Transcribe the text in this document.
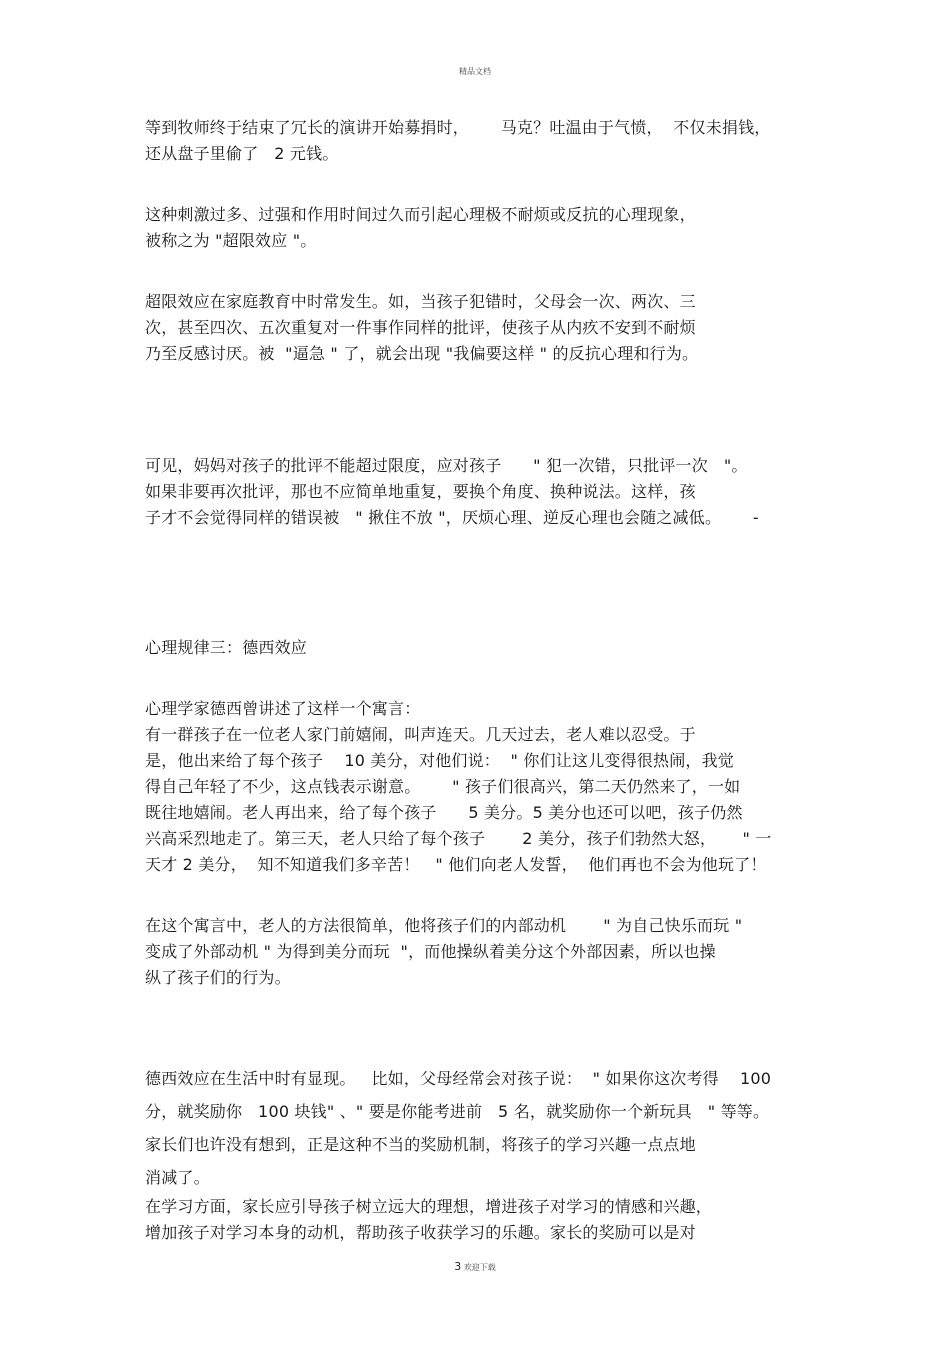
精品文档
等到牧师终于结束了冗长的演讲开始募捐时，      马克？吐温由于气愤，  不仅未捐钱，
还从盘子里偷了   2 元钱。
这种刺激过多、过强和作用时间过久而引起心理极不耐烦或反抗的心理现象，
被称之为 "超限效应 "。
超限效应在家庭教育中时常发生。如，当孩子犯错时，父母会一次、两次、三
次，甚至四次、五次重复对一件事作同样的批评，使孩子从内疚不安到不耐烦
乃至反感讨厌。被  "逼急 " 了，就会出现 "我偏要这样 " 的反抗心理和行为。
可见，妈妈对孩子的批评不能超过限度，应对孩子      " 犯一次错，只批评一次   "。
如果非要再次批评，那也不应简单地重复，要换个角度、换种说法。这样，孩
子才不会觉得同样的错误被   " 揪住不放 "，厌烦心理、逆反心理也会随之减低。      -
心理规律三：德西效应
心理学家德西曾讲述了这样一个寓言：
有一群孩子在一位老人家门前嬉闹，叫声连天。几天过去，老人难以忍受。于
是，他出来给了每个孩子    10 美分，对他们说：  " 你们让这儿变得很热闹，我觉
得自己年轻了不少，这点钱表示谢意。      " 孩子们很高兴，第二天仍然来了，一如
既往地嬉闹。老人再出来，给了每个孩子      5 美分。5 美分也还可以吧，孩子仍然
兴高采烈地走了。第三天，老人只给了每个孩子       2 美分，孩子们勃然大怒，     " 一
天才 2 美分，  知不知道我们多辛苦！   " 他们向老人发誓，  他们再也不会为他玩了！
在这个寓言中，老人的方法很简单，他将孩子们的内部动机       " 为自己快乐而玩 "
变成了外部动机 " 为得到美分而玩  "，而他操纵着美分这个外部因素，所以也操
纵了孩子们的行为。
德西效应在生活中时有显现。   比如，父母经常会对孩子说：  " 如果你这次考得    100
分，就奖励你   100 块钱" 、" 要是你能考进前   5 名，就奖励你一个新玩具   " 等等。
家长们也许没有想到，正是这种不当的奖励机制，将孩子的学习兴趣一点点地
消减了。
在学习方面，家长应引导孩子树立远大的理想，增进孩子对学习的情感和兴趣，
增加孩子对学习本身的动机，帮助孩子收获学习的乐趣。家长的奖励可以是对
3 欢迎下载
